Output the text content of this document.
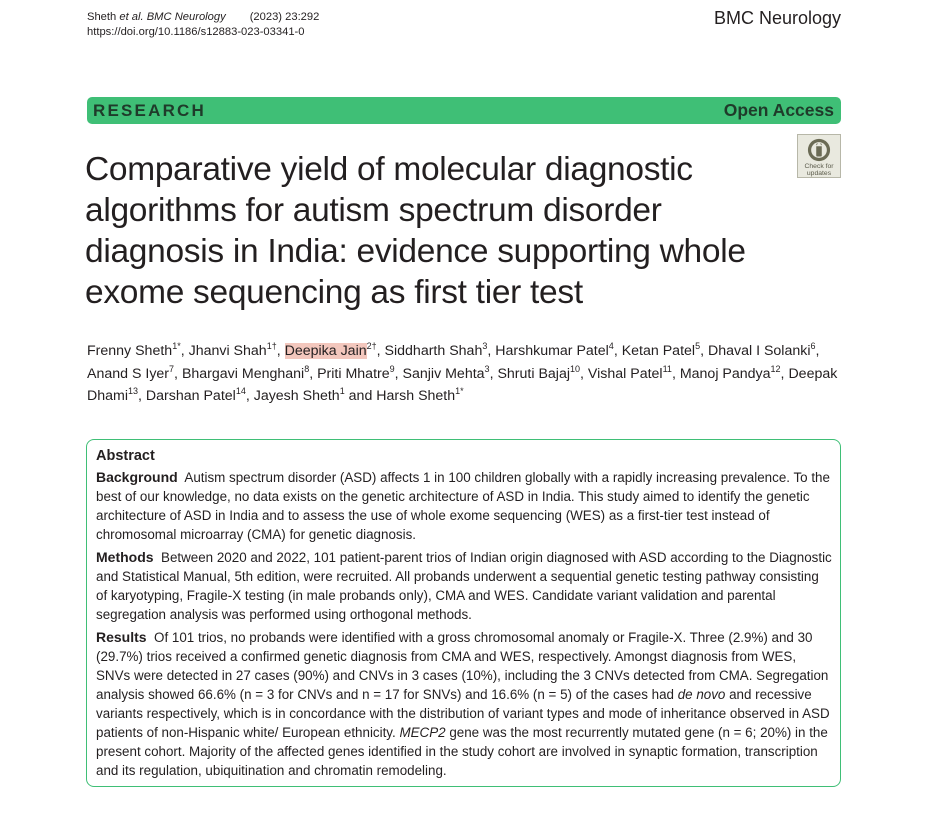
Sheth et al. BMC Neurology (2023) 23:292
https://doi.org/10.1186/s12883-023-03341-0
BMC Neurology
RESEARCH	Open Access
Check for
updates
Comparative yield of molecular diagnostic algorithms for autism spectrum disorder diagnosis in India: evidence supporting whole exome sequencing as first tier test
Frenny Sheth$^{1*}$, Jhanvi Shah$^{1\dagger}$, Deepika Jain$^{2\dagger}$, Siddharth Shah$^3$, Harshkumar Patel$^4$, Ketan Patel$^5$, Dhaval I Solanki$^6$, Anand S Iyer$^7$, Bhargavi Menghani$^8$, Priti Mhatre$^9$, Sanjiv Mehta$^3$, Shruti Bajaj$^{10}$, Vishal Patel$^{11}$, Manoj Pandya$^{12}$, Deepak Dhami$^{13}$, Darshan Patel$^{14}$, Jayesh Sheth$^1$ and Harsh Sheth$^{1*}$
Abstract

Background Autism spectrum disorder (ASD) affects 1 in 100 children globally with a rapidly increasing prevalence. To the best of our knowledge, no data exists on the genetic architecture of ASD in India. This study aimed to identify the genetic architecture of ASD in India and to assess the use of whole exome sequencing (WES) as a first-tier test instead of chromosomal microarray (CMA) for genetic diagnosis.

Methods Between 2020 and 2022, 101 patient-parent trios of Indian origin diagnosed with ASD according to the Diagnostic and Statistical Manual, 5th edition, were recruited. All probands underwent a sequential genetic testing pathway consisting of karyotyping, Fragile-X testing (in male probands only), CMA and WES. Candidate variant validation and parental segregation analysis was performed using orthogonal methods.

Results Of 101 trios, no probands were identified with a gross chromosomal anomaly or Fragile-X. Three (2.9%) and 30 (29.7%) trios received a confirmed genetic diagnosis from CMA and WES, respectively. Amongst diagnosis from WES, SNVs were detected in 27 cases (90%) and CNVs in 3 cases (10%), including the 3 CNVs detected from CMA. Segregation analysis showed 66.6% (n = 3 for CNVs and n = 17 for SNVs) and 16.6% (n = 5) of the cases had de novo and recessive variants respectively, which is in concordance with the distribution of variant types and mode of inheritance observed in ASD patients of non-Hispanic white/ European ethnicity. MECP2 gene was the most recurrently mutated gene (n = 6; 20%) in the present cohort. Majority of the affected genes identified in the study cohort are involved in synaptic formation, transcription and its regulation, ubiquitination and chromatin remodeling.
